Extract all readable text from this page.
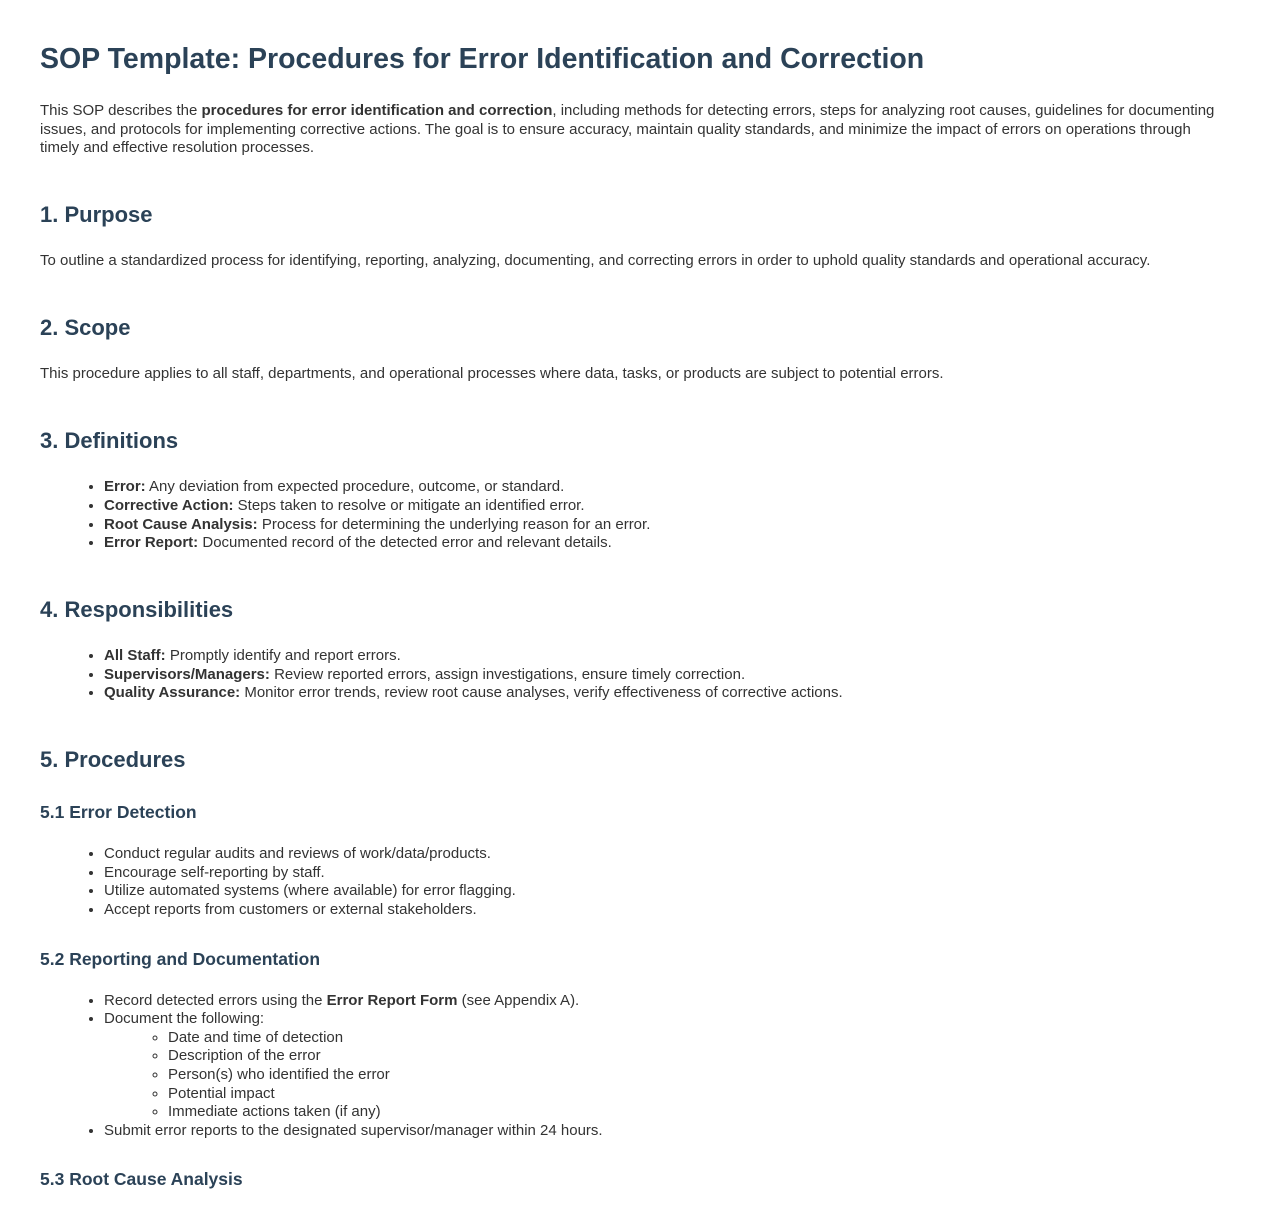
SOP Template: Procedures for Error Identification and Correction

This SOP describes the procedures for error identification and correction, including methods for detecting errors, steps for analyzing root causes, guidelines for documenting issues, and protocols for implementing corrective actions. The goal is to ensure accuracy, maintain quality standards, and minimize the impact of errors on operations through timely and effective resolution processes.

1. Purpose

To outline a standardized process for identifying, reporting, analyzing, documenting, and correcting errors in order to uphold quality standards and operational accuracy.

2. Scope

This procedure applies to all staff, departments, and operational processes where data, tasks, or products are subject to potential errors.

3. Definitions
• Error: Any deviation from expected procedure, outcome, or standard.
• Corrective Action: Steps taken to resolve or mitigate an identified error.
• Root Cause Analysis: Process for determining the underlying reason for an error.
• Error Report: Documented record of the detected error and relevant details.
4. Responsibilities
• All Staff: Promptly identify and report errors.
• Supervisors/Managers: Review reported errors, assign investigations, ensure timely correction.
• Quality Assurance: Monitor error trends, review root cause analyses, verify effectiveness of corrective actions.
5. Procedures
5.1 Error Detection
• Conduct regular audits and reviews of work/data/products.
• Encourage self-reporting by staff.
• Utilize automated systems (where available) for error flagging.
• Accept reports from customers or external stakeholders.
5.2 Reporting and Documentation
• Record detected errors using the Error Report Form (see Appendix A).
• Document the following:
◦ Date and time of detection
◦ Description of the error
◦ Person(s) who identified the error
◦ Potential impact
◦ Immediate actions taken (if any)
• Submit error reports to the designated supervisor/manager within 24 hours.
5.3 Root Cause Analysis
